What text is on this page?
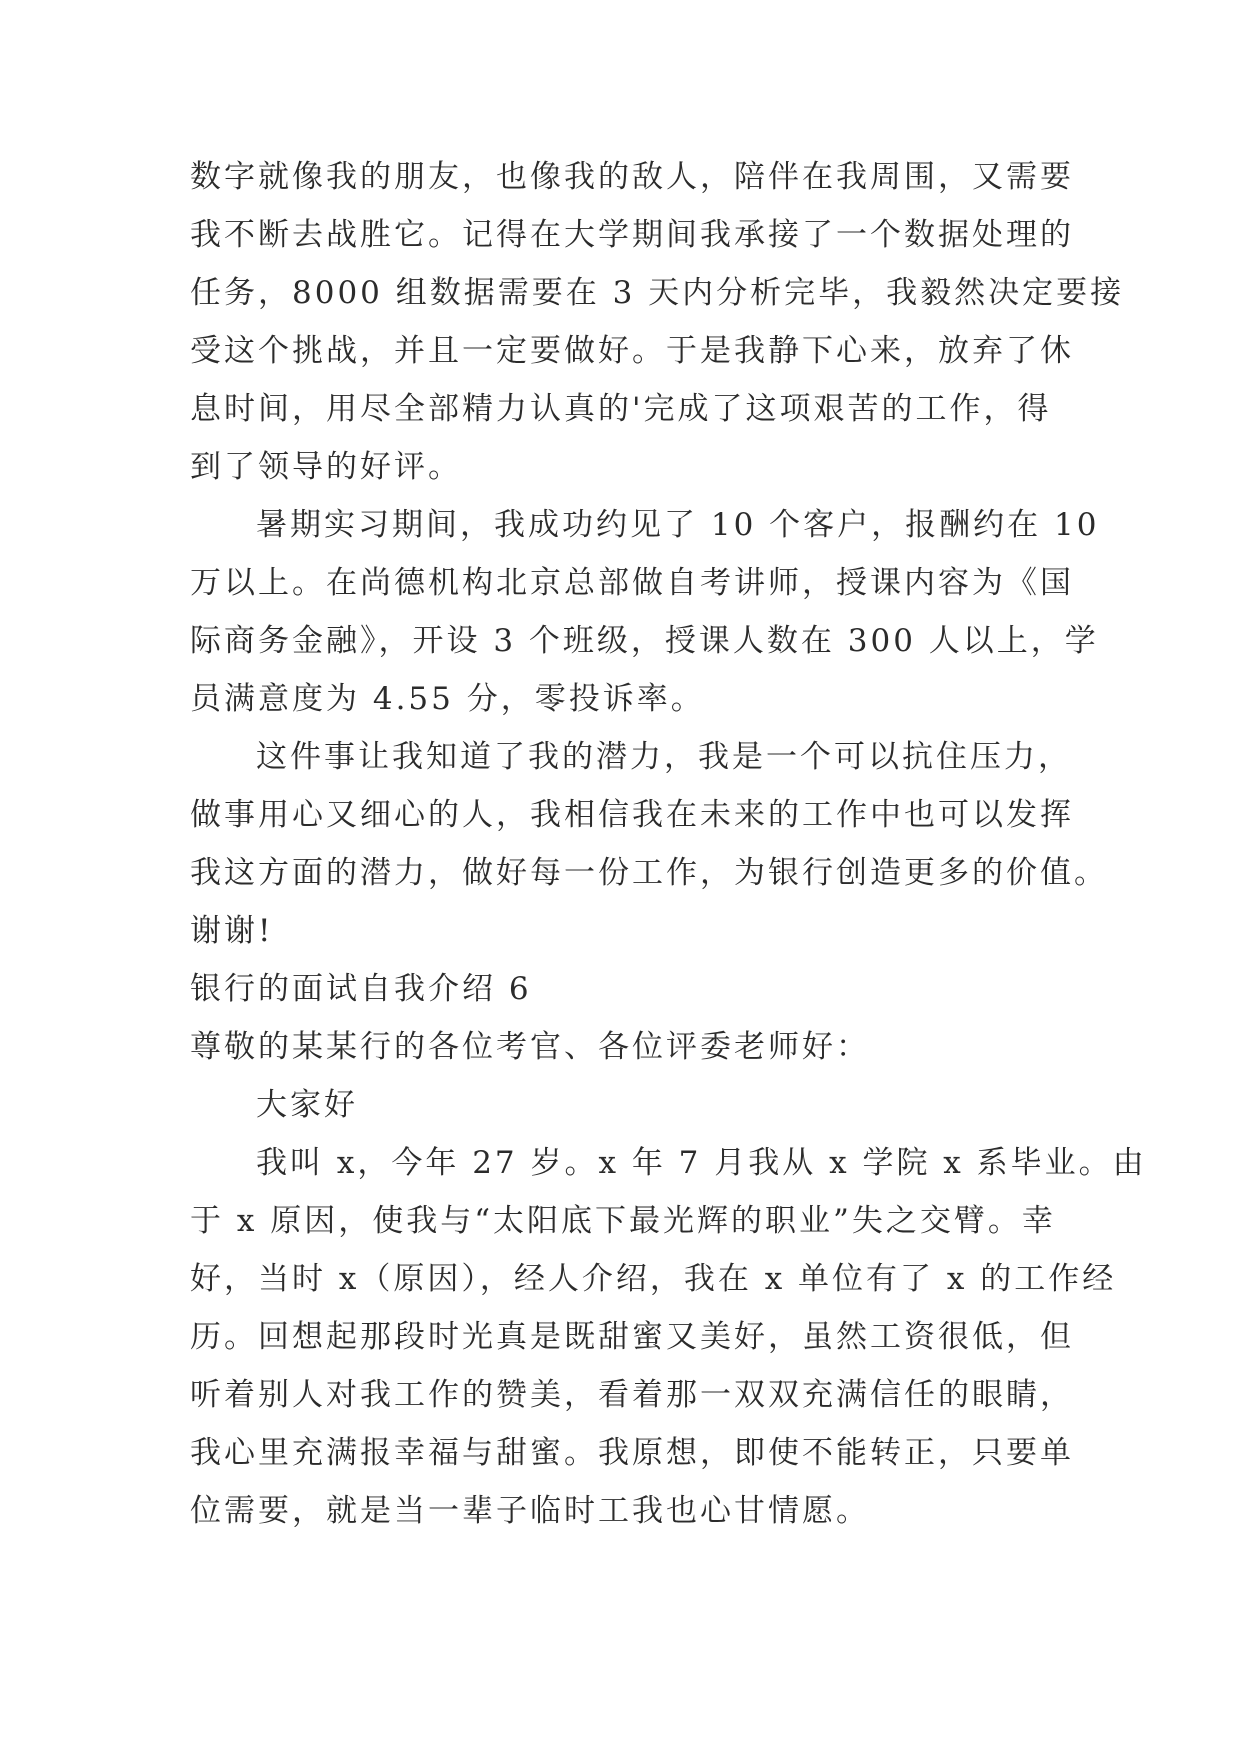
数字就像我的朋友，也像我的敌人，陪伴在我周围，又需要
我不断去战胜它。记得在大学期间我承接了一个数据处理的
任务，8000 组数据需要在 3 天内分析完毕，我毅然决定要接
受这个挑战，并且一定要做好。于是我静下心来，放弃了休
息时间，用尽全部精力认真的'完成了这项艰苦的工作，得
到了领导的好评。
暑期实习期间，我成功约见了 10 个客户，报酬约在 10
万以上。在尚德机构北京总部做自考讲师，授课内容为《国
际商务金融》，开设 3 个班级，授课人数在 300 人以上，学
员满意度为 4.55 分，零投诉率。
这件事让我知道了我的潜力，我是一个可以抗住压力，
做事用心又细心的人，我相信我在未来的工作中也可以发挥
我这方面的潜力，做好每一份工作，为银行创造更多的价值。
谢谢!
银行的面试自我介绍 6
尊敬的某某行的各位考官、各位评委老师好：
大家好
我叫 x，今年 27 岁。x 年 7 月我从 x 学院 x 系毕业。由
于 x 原因，使我与“太阳底下最光辉的职业”失之交臂。幸
好，当时 x（原因），经人介绍，我在 x 单位有了 x 的工作经
历。回想起那段时光真是既甜蜜又美好，虽然工资很低，但
听着别人对我工作的赞美，看着那一双双充满信任的眼睛，
我心里充满报幸福与甜蜜。我原想，即使不能转正，只要单
位需要，就是当一辈子临时工我也心甘情愿。
